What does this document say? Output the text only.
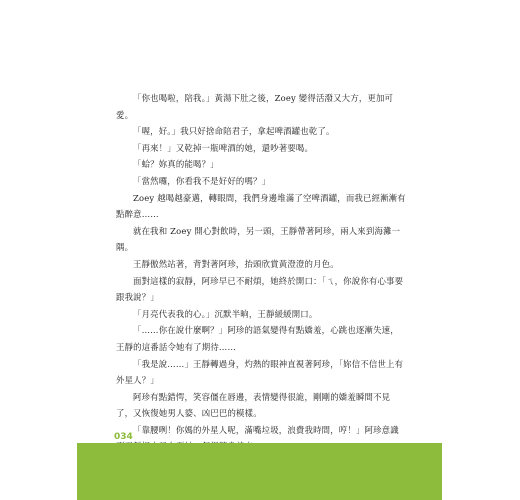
「你也喝啦，陪我。」黃湯下肚之後，Zoey 變得活潑又大方，更加可愛。

「喔，好。」我只好捨命陪君子，拿起啤酒罐也乾了。

「再來！」又乾掉一瓶啤酒的她，還吵著要喝。

「蛤？妳真的能喝？」

「當然囉，你看我不是好好的嗎？」

Zoey 越喝越豪邁，轉眼間，我們身邊堆滿了空啤酒罐，而我已經漸漸有點醉意……

就在我和 Zoey 開心對飲時，另一頭，王靜帶著阿珍，兩人來到海灘一隅。

王靜傲然站著，背對著阿珍，抬頭欣賞黃澄澄的月色。

面對這樣的寂靜，阿珍早已不耐煩，她終於開口：「ㄟ，你說你有心事要跟我說？」

「月亮代表我的心。」沉默半晌，王靜緩緩開口。

「……你在說什麼啊？」阿珍的語氣變得有點嬌羞，心跳也逐漸失速，王靜的這番話令她有了期待……

「我是說……」王靜轉過身，灼熱的眼神直視著阿珍，「妳信不信世上有外星人？」

阿珍有點錯愕，笑容僵在唇邊，表情變得很詭，剛剛的嬌羞瞬間不見了，又恢復她男人婆、凶巴巴的模樣。

「靠腰咧！你媽的外星人呢，滿嘴垃圾，浪費我時間，哼！」阿珍意識

034
